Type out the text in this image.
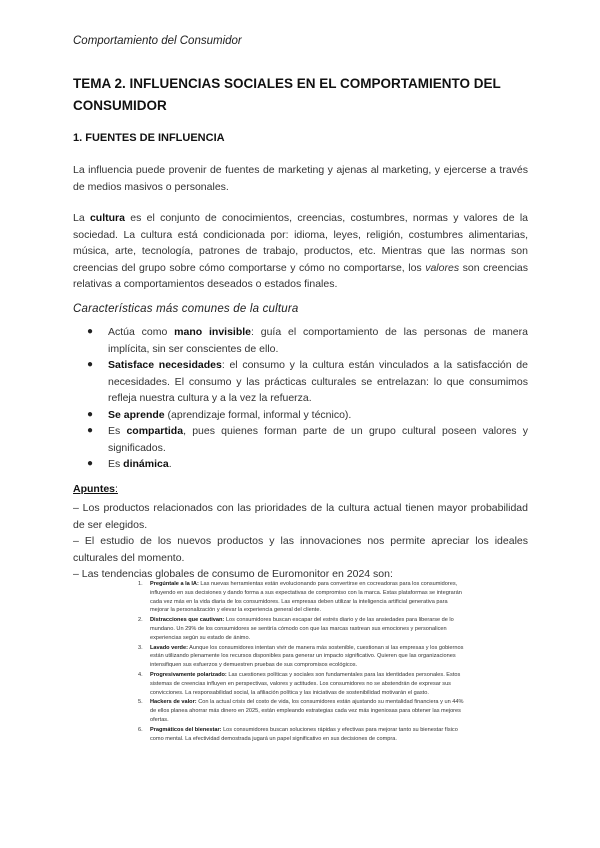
Comportamiento del Consumidor
TEMA 2. INFLUENCIAS SOCIALES EN EL COMPORTAMIENTO DEL CONSUMIDOR
1. FUENTES DE INFLUENCIA
La influencia puede provenir de fuentes de marketing y ajenas al marketing, y ejercerse a través de medios masivos o personales.
La cultura es el conjunto de conocimientos, creencias, costumbres, normas y valores de la sociedad. La cultura está condicionada por: idioma, leyes, religión, costumbres alimentarias, música, arte, tecnología, patrones de trabajo, productos, etc. Mientras que las normas son creencias del grupo sobre cómo comportarse y cómo no comportarse, los valores son creencias relativas a comportamientos deseados o estados finales.
Características más comunes de la cultura
● Actúa como mano invisible: guía el comportamiento de las personas de manera implícita, sin ser conscientes de ello.
● Satisface necesidades: el consumo y la cultura están vinculados a la satisfacción de necesidades. El consumo y las prácticas culturales se entrelazan: lo que consumimos refleja nuestra cultura y a la vez la refuerza.
● Se aprende (aprendizaje formal, informal y técnico).
● Es compartida, pues quienes forman parte de un grupo cultural poseen valores y significados.
● Es dinámica.
Apuntes:
– Los productos relacionados con las prioridades de la cultura actual tienen mayor probabilidad de ser elegidos.
– El estudio de los nuevos productos y las innovaciones nos permite apreciar los ideales culturales del momento.
– Las tendencias globales de consumo de Euromonitor en 2024 son:
1. Pregúntale a la IA: Las nuevas herramientas están evolucionando para convertirse en cocreadoras para los consumidores, influyendo en sus decisiones y dando forma a sus expectativas de compromiso con la marca. Estas plataformas se integrarán cada vez más en la vida diaria de los consumidores. Las empresas deben utilizar la inteligencia artificial generativa para mejorar la personalización y elevar la experiencia general del cliente.
2. Distracciones que cautivan: Los consumidores buscan escapar del estrés diario y de las ansiedades para liberarse de lo mundano. Un 29% de los consumidores se sentiría cómodo con que las marcas rastrean sus emociones y personalicen experiencias según su estado de ánimo.
3. Lavado verde: Aunque los consumidores intentan vivir de manera más sostenible, cuestionan si las empresas y los gobiernos están utilizando plenamente los recursos disponibles para generar un impacto significativo. Quieren que las organizaciones intensifiquen sus esfuerzos y demuestren pruebas de sus compromisos ecológicos.
4. Progresivamente polarizado: Las cuestiones políticas y sociales son fundamentales para las identidades personales. Estos sistemas de creencias influyen en perspectivas, valores y actitudes. Los consumidores no se abstendrán de expresar sus convicciones. La responsabilidad social, la afiliación política y las iniciativas de sostenibilidad motivarán el gasto.
5. Hackers de valor: Con la actual crisis del costo de vida, los consumidores están ajustando su mentalidad financiera y un 44% de ellos planea ahorrar más dinero en 2025, están empleando estrategias cada vez más ingeniosas para obtener las mejores ofertas.
6. Pragmáticos del bienestar: Los consumidores buscan soluciones rápidas y efectivas para mejorar tanto su bienestar físico como mental. La efectividad demostrada jugará un papel significativo en sus decisiones de compra.
